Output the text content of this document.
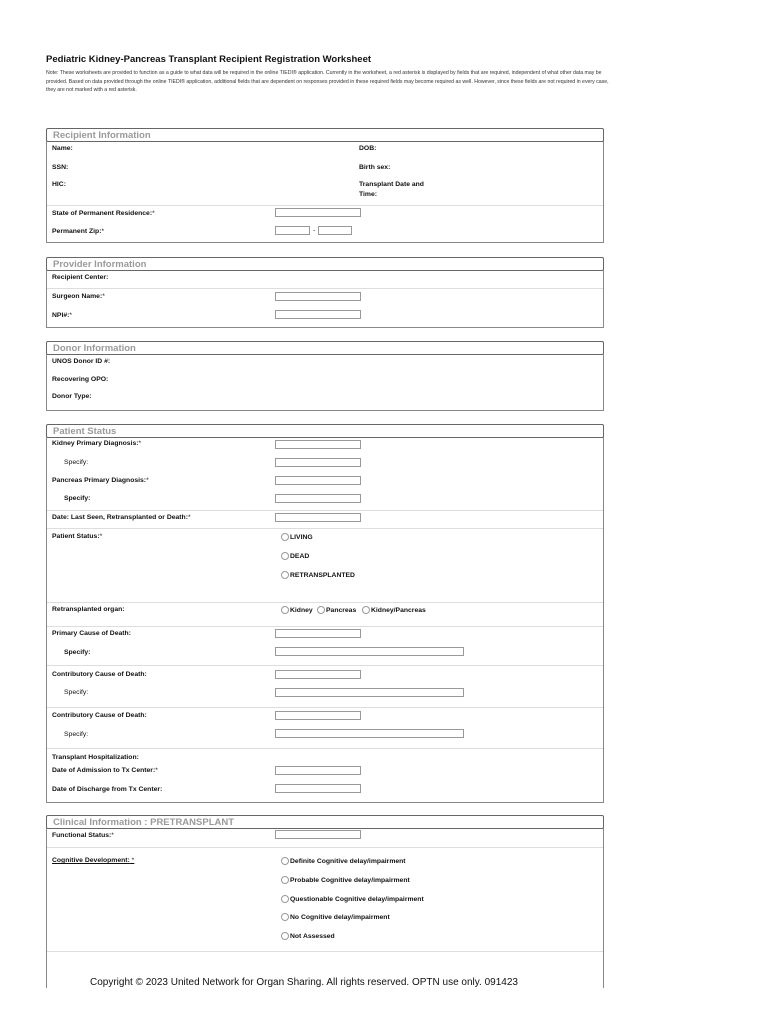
Pediatric Kidney-Pancreas Transplant Recipient Registration Worksheet
Note: These worksheets are provided to function as a guide to what data will be required in the online TIEDI® application. Currently in the worksheet, a red asterisk is displayed by fields that are required, independent of what other data may be provided. Based on data provided through the online TIEDI® application, additional fields that are dependent on responses provided in these required fields may become required as well. However, since these fields are not required in every case, they are not marked with a red asterisk.
Recipient Information
Name:	DOB:
SSN:	Birth sex:
HIC:	Transplant Date and
Time:
State of Permanent Residence:*
Permanent Zip:*	-
Provider Information
Recipient Center:
Surgeon Name:*
NPI#:*
Donor Information
UNOS Donor ID #:
Recovering OPO:
Donor Type:
Patient Status
Kidney Primary Diagnosis:*
Specify:
Pancreas Primary Diagnosis:*
Specify:
Date: Last Seen, Retransplanted or Death:*
Patient Status:*	LIVING
DEAD
RETRANSPLANTED
Retransplanted organ:	Kidney Pancreas Kidney/Pancreas
Primary Cause of Death:
Specify:
Contributory Cause of Death:
Specify:
Contributory Cause of Death:
Specify:
Transplant Hospitalization:
Date of Admission to Tx Center:*
Date of Discharge from Tx Center:
Clinical Information : PRETRANSPLANT
Functional Status:*
Cognitive Development: *	Definite Cognitive delay/impairment
Probable Cognitive delay/impairment
Questionable Cognitive delay/impairment
No Cognitive delay/impairment
Not Assessed
Copyright © 2023 United Network for Organ Sharing. All rights reserved. OPTN use only. 091423
